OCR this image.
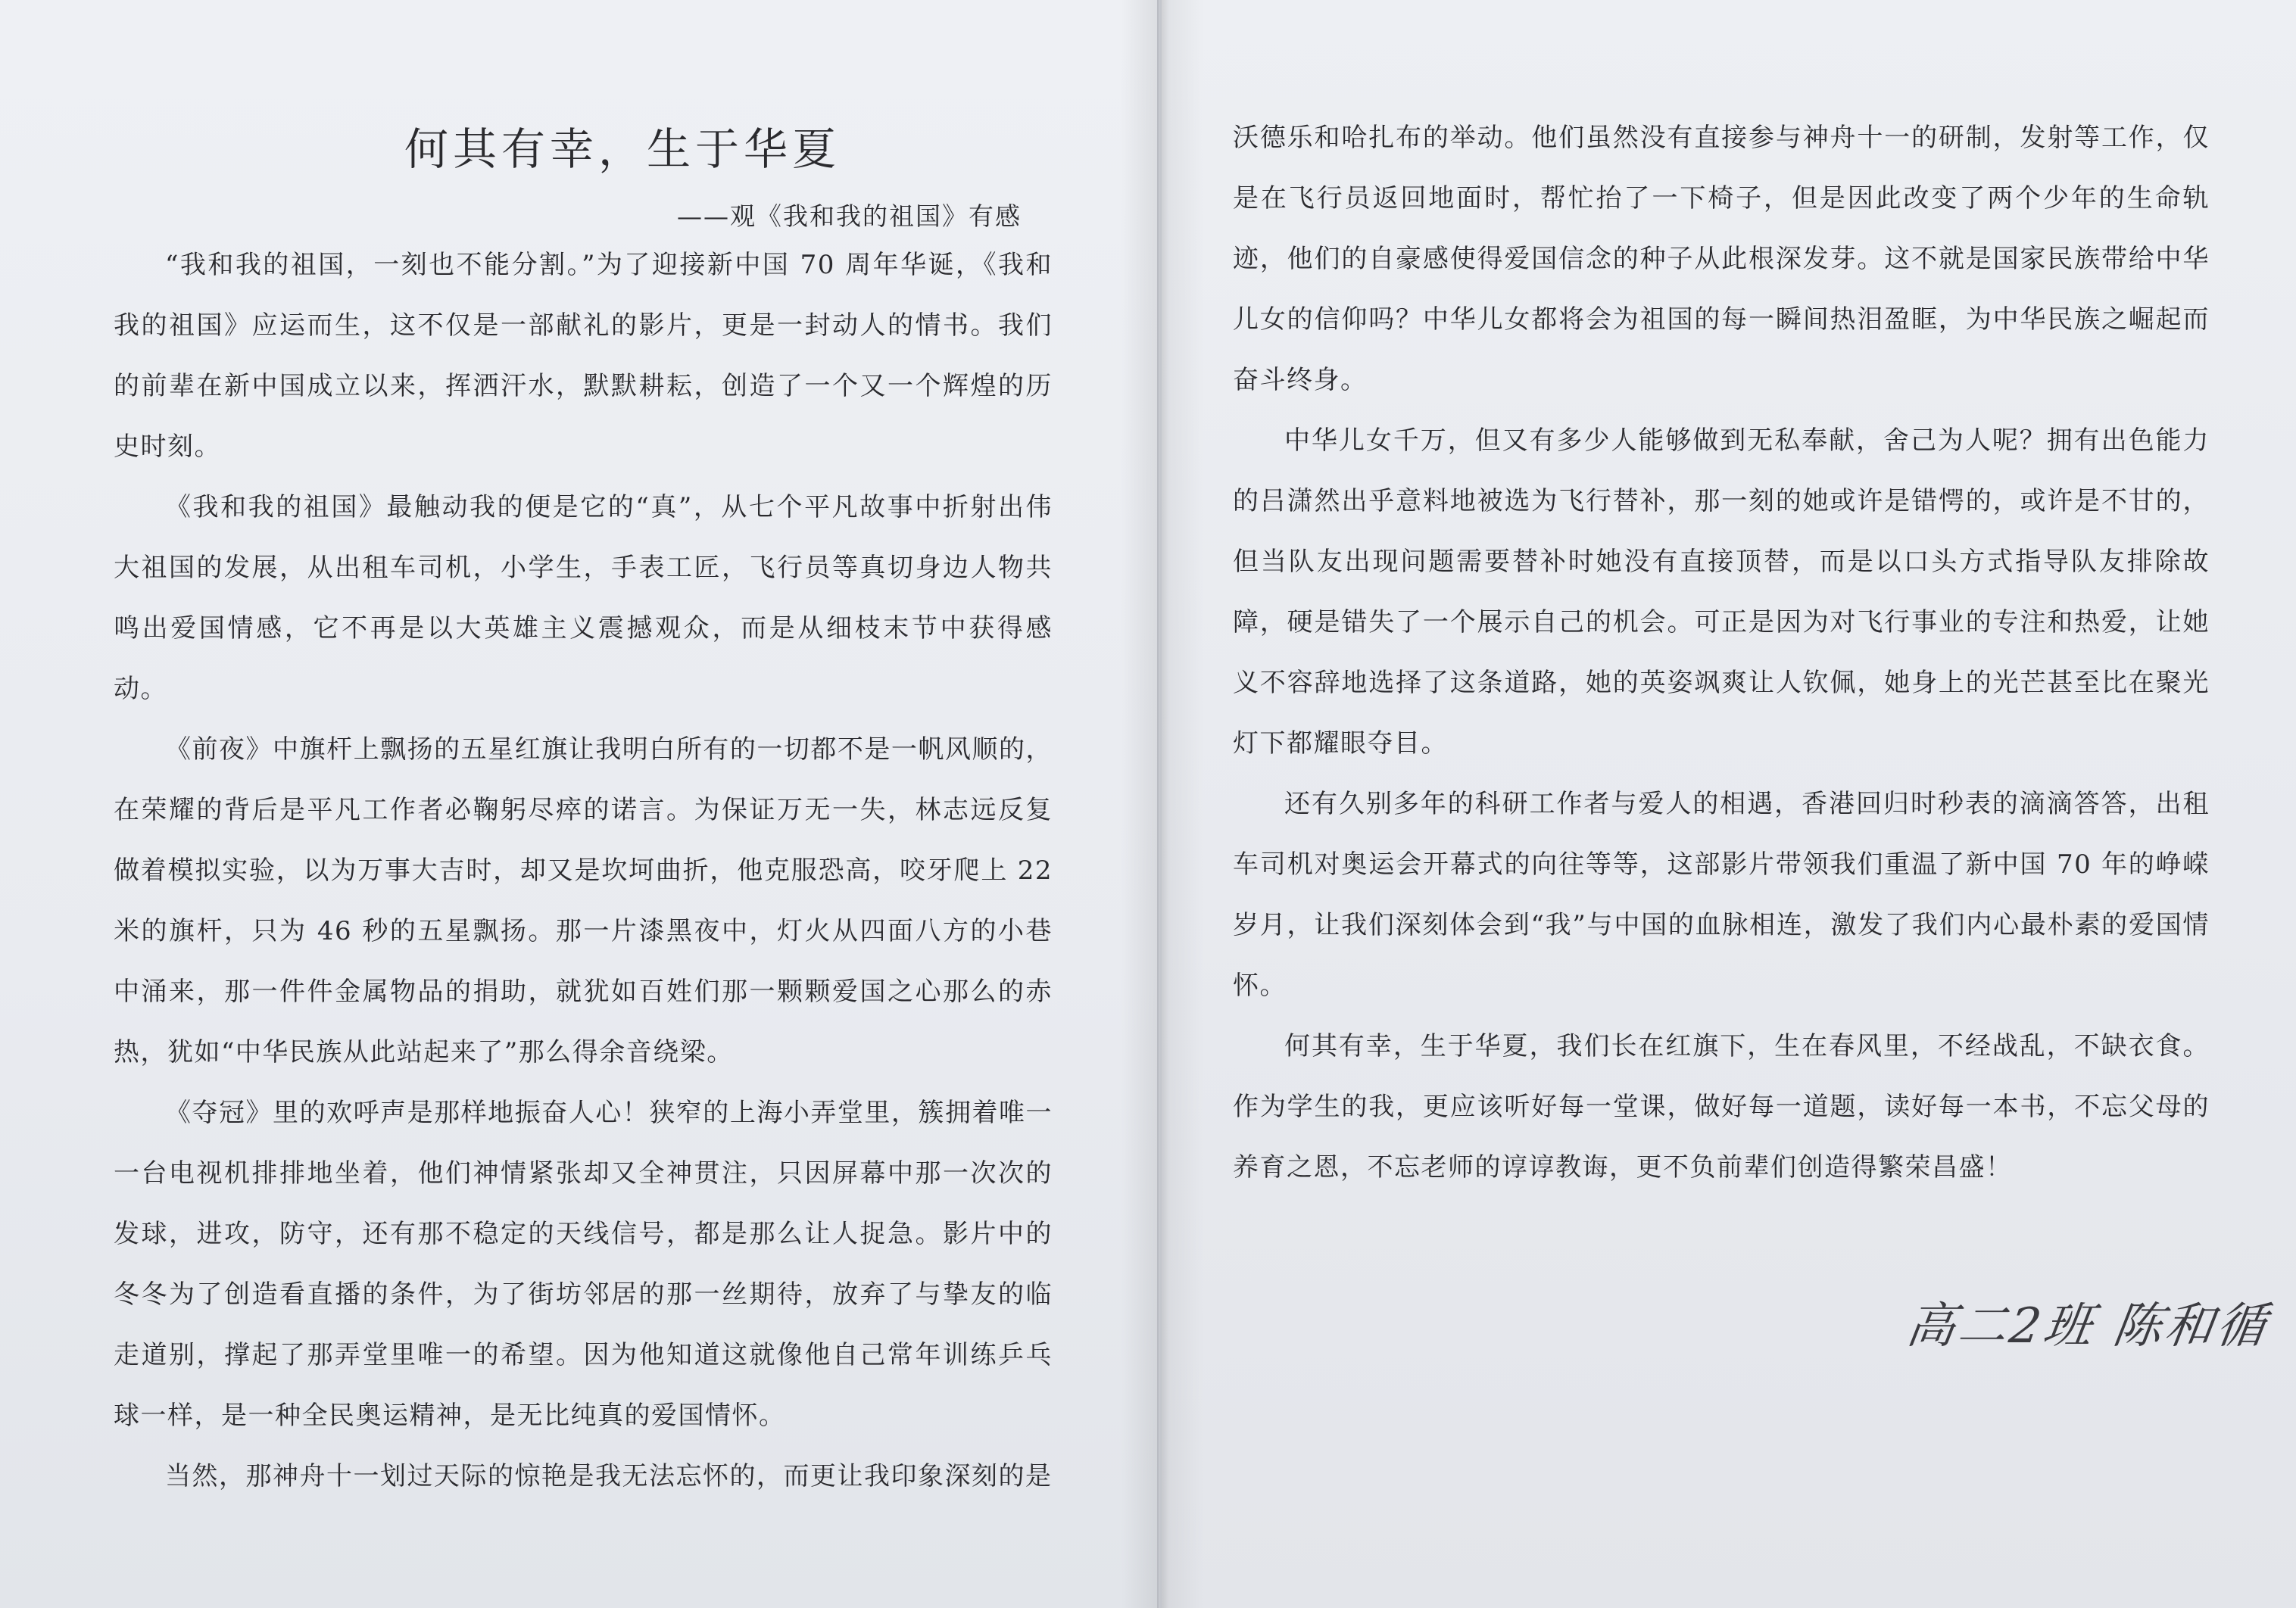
何其有幸，生于华夏
——观《我和我的祖国》有感

“我和我的祖国，一刻也不能分割。”为了迎接新中国 70 周年华诞，《我和我的祖国》应运而生，这不仅是一部献礼的影片，更是一封动人的情书。我们的前辈在新中国成立以来，挥洒汗水，默默耕耘，创造了一个又一个辉煌的历史时刻。

《我和我的祖国》最触动我的便是它的“真”，从七个平凡故事中折射出伟大祖国的发展，从出租车司机，小学生，手表工匠，飞行员等真切身边人物共鸣出爱国情感，它不再是以大英雄主义震撼观众，而是从细枝末节中获得感动。

《前夜》中旗杆上飘扬的五星红旗让我明白所有的一切都不是一帆风顺的，在荣耀的背后是平凡工作者必鞠躬尽瘁的诺言。为保证万无一失，林志远反复做着模拟实验，以为万事大吉时，却又是坎坷曲折，他克服恐高，咬牙爬上 22 米的旗杆，只为 46 秒的五星飘扬。那一片漆黑夜中，灯火从四面八方的小巷中涌来，那一件件金属物品的捐助，就犹如百姓们那一颗颗爱国之心那么的赤热，犹如“中华民族从此站起来了”那么得余音绕梁。

《夺冠》里的欢呼声是那样地振奋人心！狭窄的上海小弄堂里，簇拥着唯一一台电视机排排地坐着，他们神情紧张却又全神贯注，只因屏幕中那一次次的发球，进攻，防守，还有那不稳定的天线信号，都是那么让人捉急。影片中的冬冬为了创造看直播的条件，为了街坊邻居的那一丝期待，放弃了与挚友的临走道别，撑起了那弄堂里唯一的希望。因为他知道这就像他自己常年训练乒乓球一样，是一种全民奥运精神，是无比纯真的爱国情怀。

当然，那神舟十一划过天际的惊艳是我无法忘怀的，而更让我印象深刻的是

沃德乐和哈扎布的举动。他们虽然没有直接参与神舟十一的研制，发射等工作，仅是在飞行员返回地面时，帮忙抬了一下椅子，但是因此改变了两个少年的生命轨迹，他们的自豪感使得爱国信念的种子从此根深发芽。这不就是国家民族带给中华儿女的信仰吗？中华儿女都将会为祖国的每一瞬间热泪盈眶，为中华民族之崛起而奋斗终身。

中华儿女千万，但又有多少人能够做到无私奉献，舍己为人呢？拥有出色能力的吕潇然出乎意料地被选为飞行替补，那一刻的她或许是错愕的，或许是不甘的，但当队友出现问题需要替补时她没有直接顶替，而是以口头方式指导队友排除故障，硬是错失了一个展示自己的机会。可正是因为对飞行事业的专注和热爱，让她义不容辞地选择了这条道路，她的英姿飒爽让人钦佩，她身上的光芒甚至比在聚光灯下都耀眼夺目。

还有久别多年的科研工作者与爱人的相遇，香港回归时秒表的滴滴答答，出租车司机对奥运会开幕式的向往等等，这部影片带领我们重温了新中国 70 年的峥嵘岁月，让我们深刻体会到“我”与中国的血脉相连，激发了我们内心最朴素的爱国情怀。

何其有幸，生于华夏，我们长在红旗下，生在春风里，不经战乱，不缺衣食。作为学生的我，更应该听好每一堂课，做好每一道题，读好每一本书，不忘父母的养育之恩，不忘老师的谆谆教诲，更不负前辈们创造得繁荣昌盛！

高二2班 陈和循
